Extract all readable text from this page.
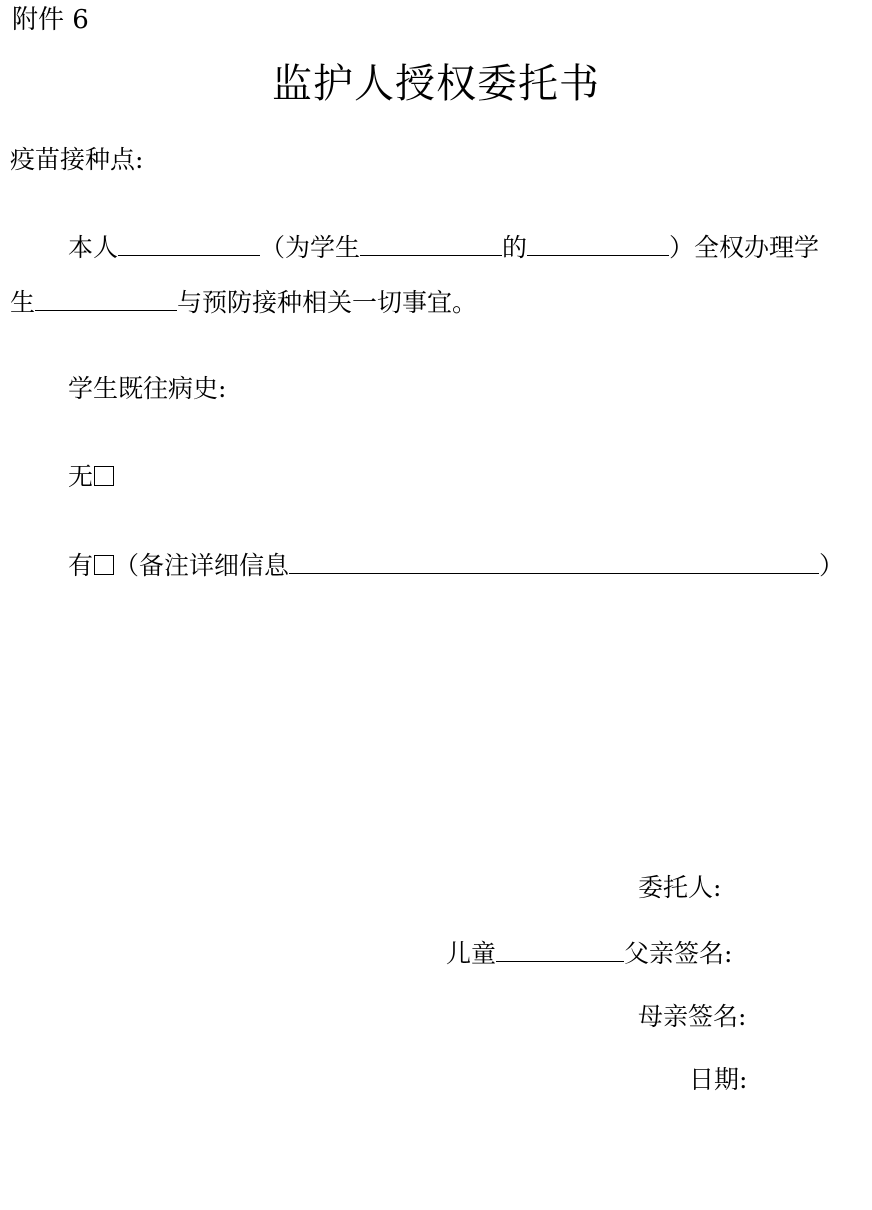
附件 6
监护人授权委托书
疫苗接种点:
本人	（为学生	的	）全权办理学
生	与预防接种相关一切事宜。
学生既往病史:
无
有 （备注详细信息	）
委托人:
儿童	父亲签名:
母亲签名:
日期:
